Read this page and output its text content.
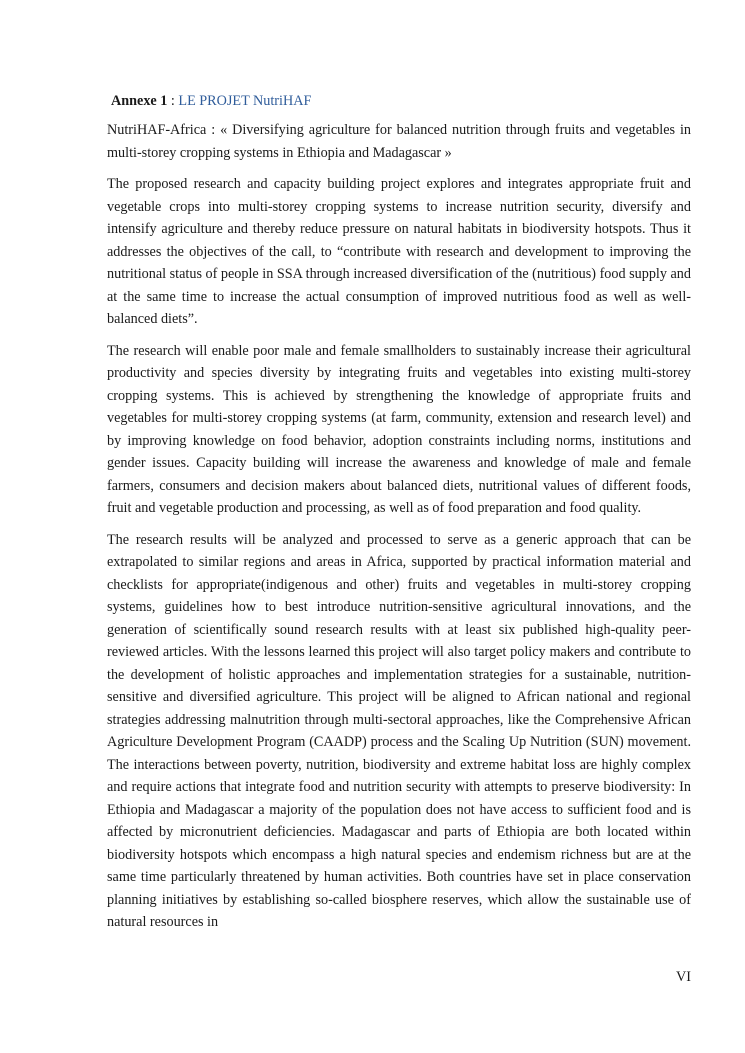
Annexe 1 : LE PROJET NutriHAF

NutriHAF-Africa : « Diversifying agriculture for balanced nutrition through fruits and vegetables in multi-storey cropping systems in Ethiopia and Madagascar »

The proposed research and capacity building project explores and integrates appropriate fruit and vegetable crops into multi-storey cropping systems to increase nutrition security, diversify and intensify agriculture and thereby reduce pressure on natural habitats in biodiversity hotspots. Thus it addresses the objectives of the call, to “contribute with research and development to improving the nutritional status of people in SSA through increased diversification of the (nutritious) food supply and at the same time to increase the actual consumption of improved nutritious food as well as well-balanced diets”.

The research will enable poor male and female smallholders to sustainably increase their agricultural productivity and species diversity by integrating fruits and vegetables into existing multi-storey cropping systems. This is achieved by strengthening the knowledge of appropriate fruits and vegetables for multi-storey cropping systems (at farm, community, extension and research level) and by improving knowledge on food behavior, adoption constraints including norms, institutions and gender issues. Capacity building will increase the awareness and knowledge of male and female farmers, consumers and decision makers about balanced diets, nutritional values of different foods, fruit and vegetable production and processing, as well as of food preparation and food quality.

The research results will be analyzed and processed to serve as a generic approach that can be extrapolated to similar regions and areas in Africa, supported by practical information material and checklists for appropriate(indigenous and other) fruits and vegetables in multi-storey cropping systems, guidelines how to best introduce nutrition-sensitive agricultural innovations, and the generation of scientifically sound research results with at least six published high-quality peer-reviewed articles. With the lessons learned this project will also target policy makers and contribute to the development of holistic approaches and implementation strategies for a sustainable, nutrition-sensitive and diversified agriculture. This project will be aligned to African national and regional strategies addressing malnutrition through multi-sectoral approaches, like the Comprehensive African Agriculture Development Program (CAADP) process and the Scaling Up Nutrition (SUN) movement. The interactions between poverty, nutrition, biodiversity and extreme habitat loss are highly complex and require actions that integrate food and nutrition security with attempts to preserve biodiversity: In Ethiopia and Madagascar a majority of the population does not have access to sufficient food and is affected by micronutrient deficiencies. Madagascar and parts of Ethiopia are both located within biodiversity hotspots which encompass a high natural species and endemism richness but are at the same time particularly threatened by human activities. Both countries have set in place conservation planning initiatives by establishing so-called biosphere reserves, which allow the sustainable use of natural resources in

VI
